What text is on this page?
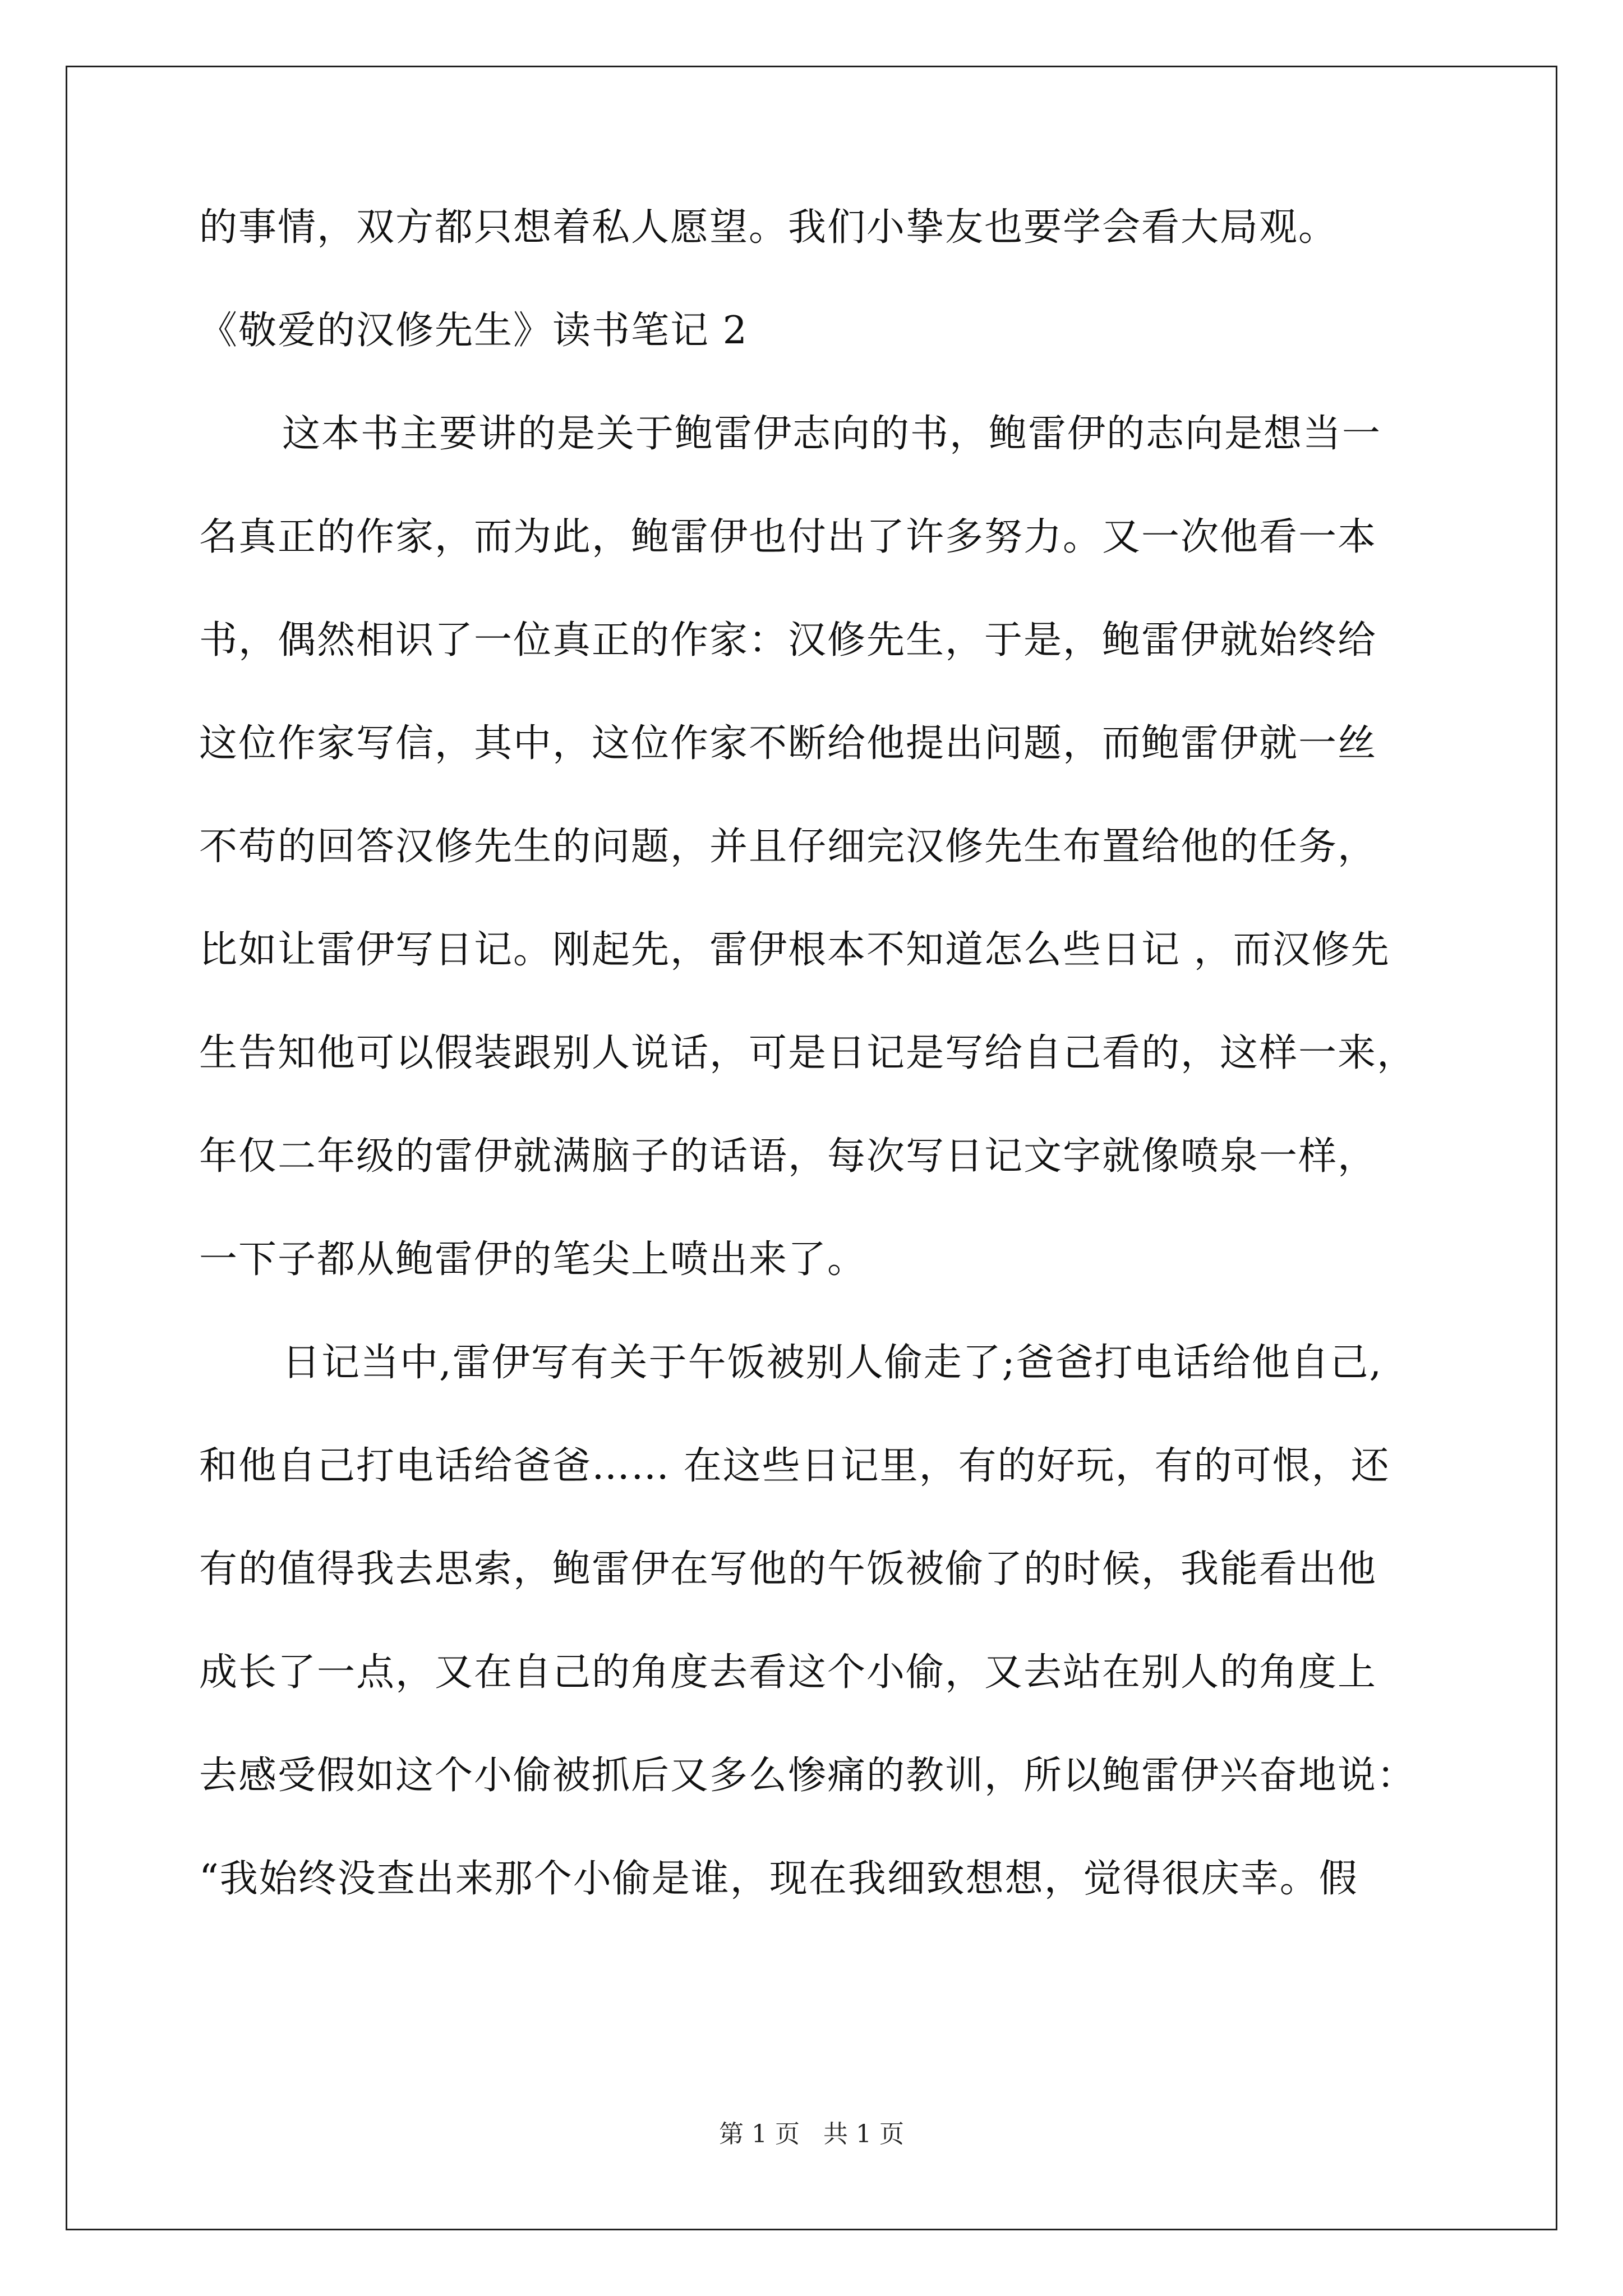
的事情，双方都只想着私人愿望。我们小挚友也要学会看大局观。

《敬爱的汉修先生》读书笔记 2

这本书主要讲的是关于鲍雷伊志向的书，鲍雷伊的志向是想当一

名真正的作家，而为此，鲍雷伊也付出了许多努力。又一次他看一本

书，偶然相识了一位真正的作家：汉修先生，于是，鲍雷伊就始终给

这位作家写信，其中，这位作家不断给他提出问题，而鲍雷伊就一丝

不苟的回答汉修先生的问题，并且仔细完汉修先生布置给他的任务，

比如让雷伊写日记。刚起先，雷伊根本不知道怎么些日记 ，而汉修先

生告知他可以假装跟别人说话，可是日记是写给自己看的，这样一来，

年仅二年级的雷伊就满脑子的话语，每次写日记文字就像喷泉一样，

一下子都从鲍雷伊的笔尖上喷出来了。

日记当中,雷伊写有关于午饭被别人偷走了;爸爸打电话给他自己,

和他自己打电话给爸爸…… 在这些日记里，有的好玩，有的可恨，还

有的值得我去思索，鲍雷伊在写他的午饭被偷了的时候，我能看出他

成长了一点，又在自己的角度去看这个小偷，又去站在别人的角度上

去感受假如这个小偷被抓后又多么惨痛的教训，所以鲍雷伊兴奋地说：

“我始终没查出来那个小偷是谁，现在我细致想想，觉得很庆幸。假

第 1 页 共 1 页
